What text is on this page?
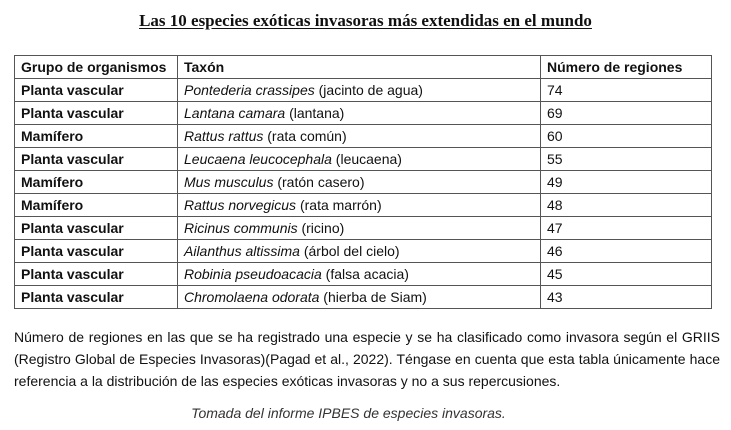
Las 10 especies exóticas invasoras más extendidas en el mundo
Grupo de organismos	Taxón	Número de regiones
Planta vascular	Pontederia crassipes (jacinto de agua)	74
Planta vascular	Lantana camara (lantana)	69
Mamífero	Rattus rattus (rata común)	60
Planta vascular	Leucaena leucocephala (leucaena)	55
Mamífero	Mus musculus (ratón casero)	49
Mamífero	Rattus norvegicus (rata marrón)	48
Planta vascular	Ricinus communis (ricino)	47
Planta vascular	Ailanthus altissima (árbol del cielo)	46
Planta vascular	Robinia pseudoacacia (falsa acacia)	45
Planta vascular	Chromolaena odorata (hierba de Siam)	43
Número de regiones en las que se ha registrado una especie y se ha clasificado como invasora según el GRIIS (Registro Global de Especies Invasoras)(Pagad et al., 2022). Téngase en cuenta que esta tabla únicamente hace referencia a la distribución de las especies exóticas invasoras y no a sus repercusiones.
Tomada del informe IPBES de especies invasoras.
